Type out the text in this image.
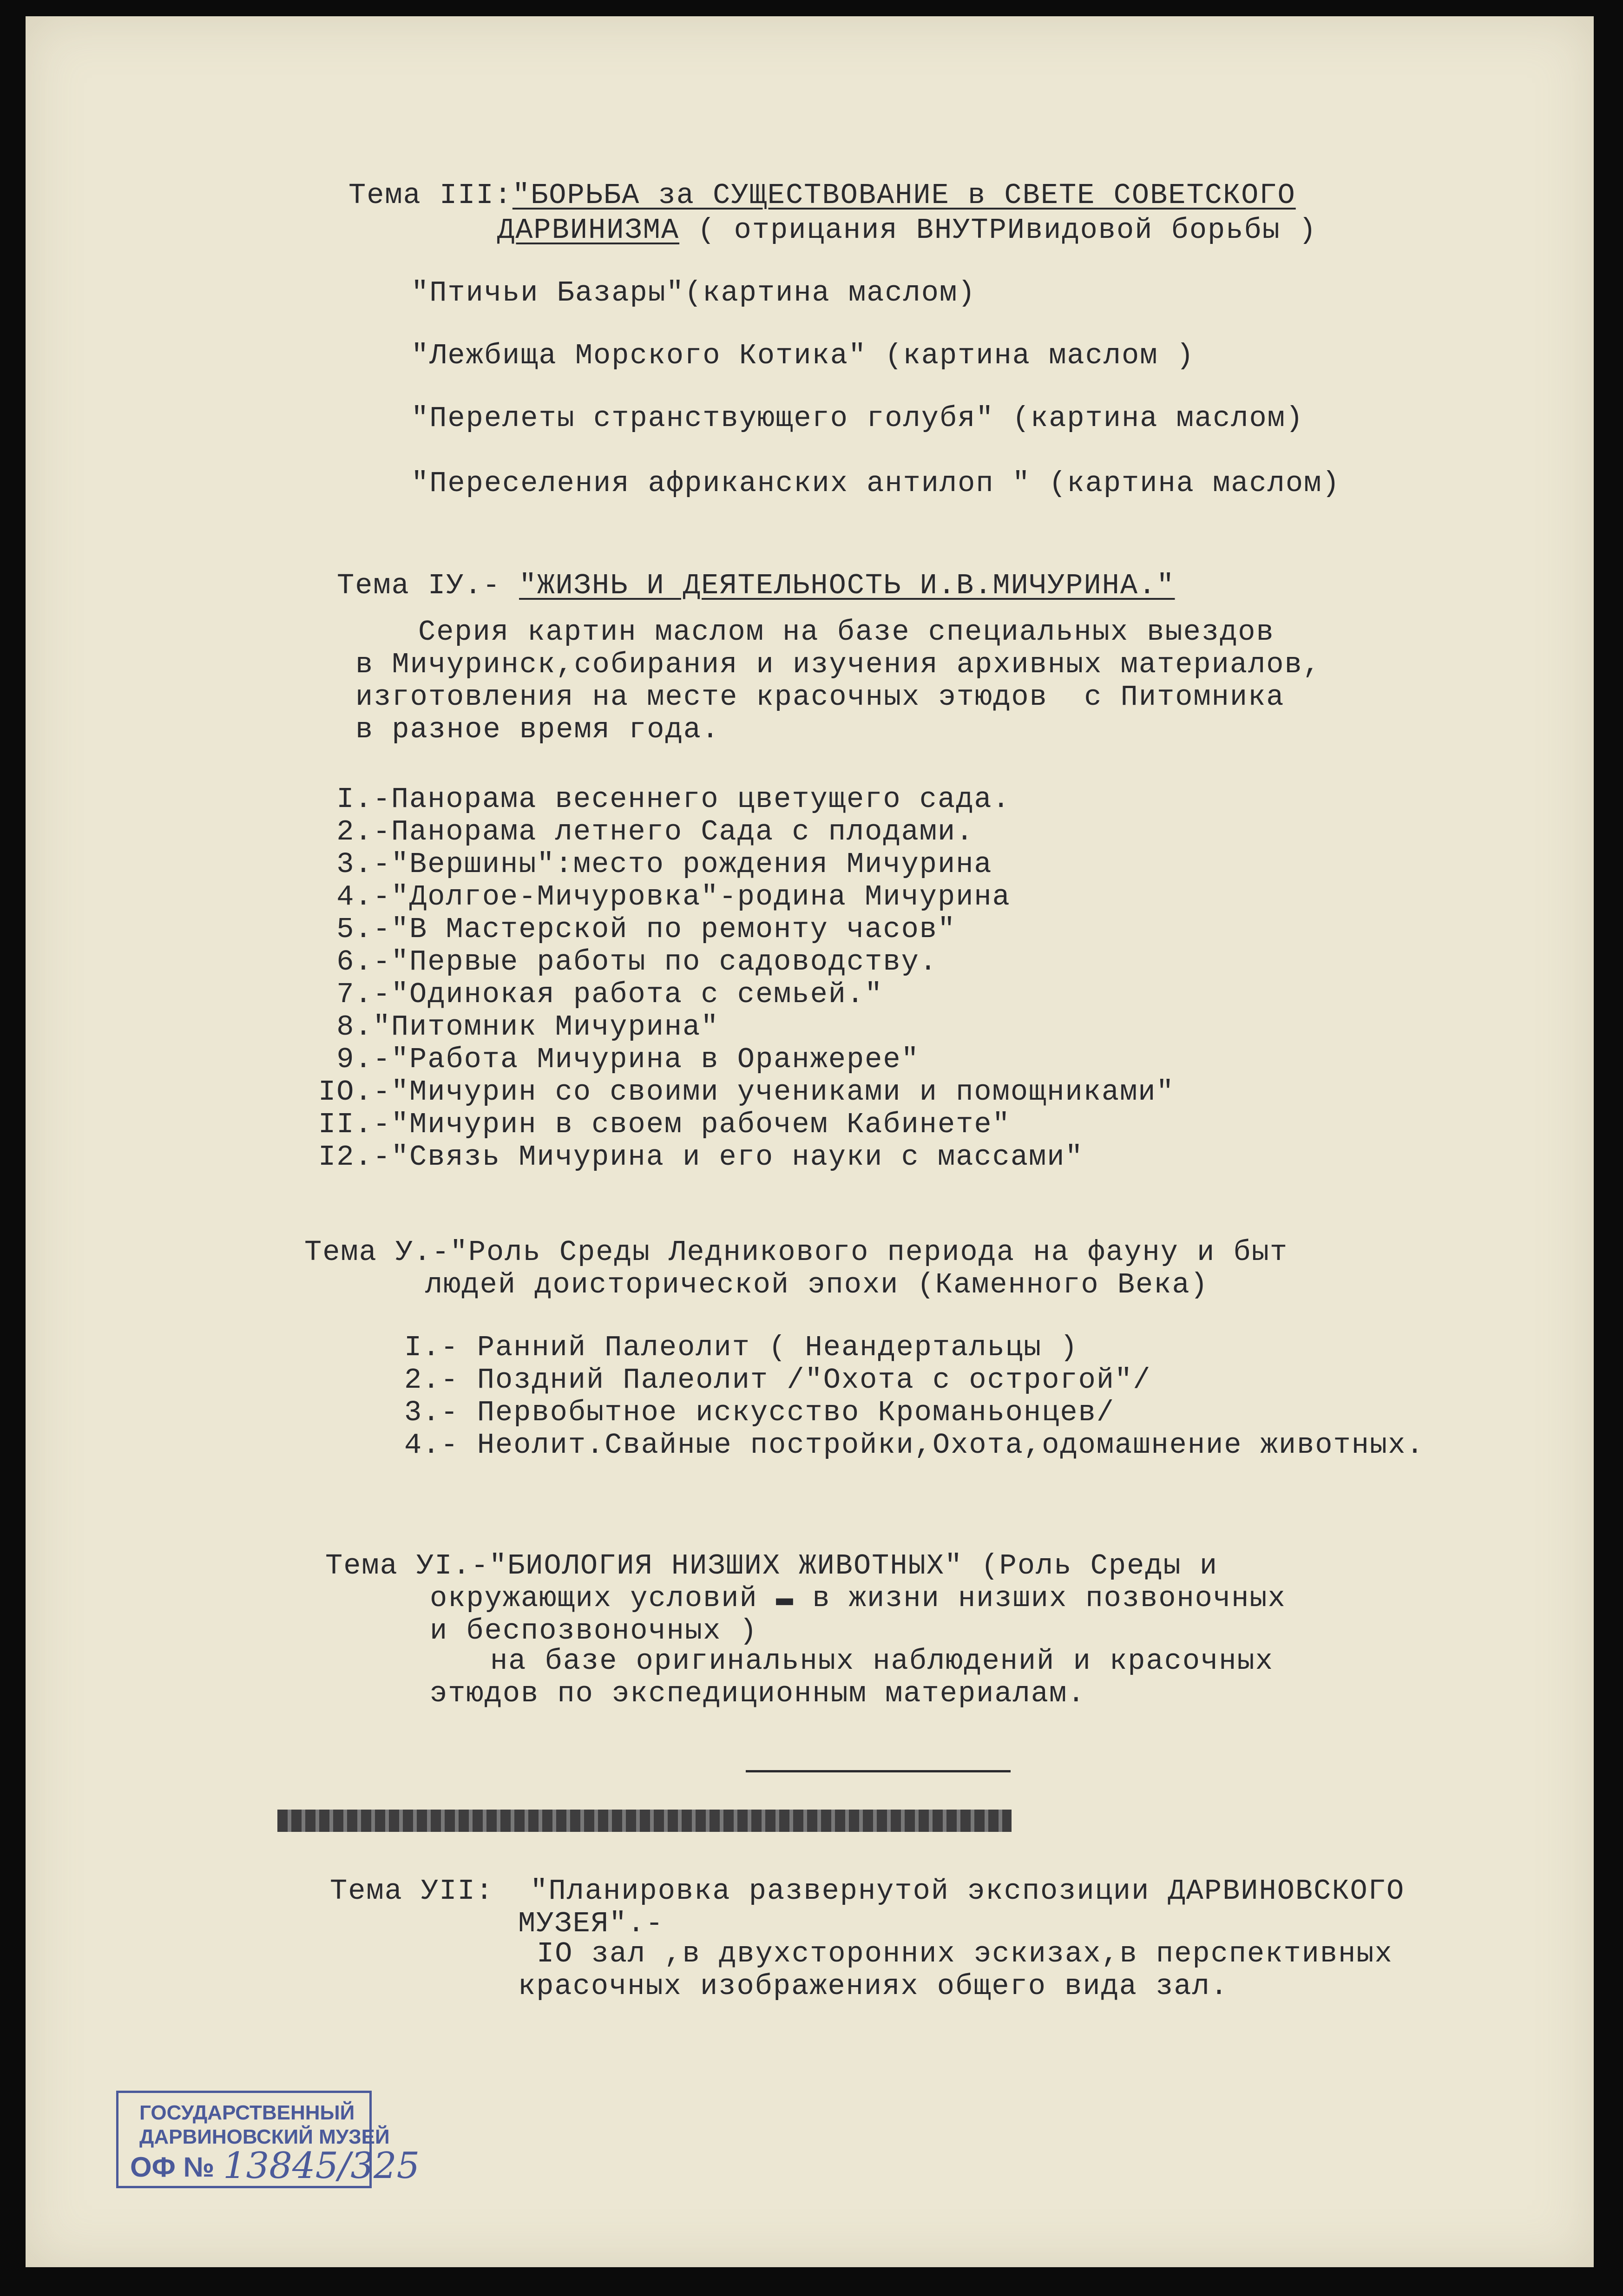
Тема III:"БОРЬБА за СУЩЕСТВОВАНИЕ в СВЕТЕ СОВЕТСКОГО
ДАРВИНИЗМА ( отрицания ВНУТРИвидовой борьбы )
"Птичьи Базары"(картина маслом)
"Лежбища Морского Котика" (картина маслом )
"Перелеты странствующего голубя" (картина маслом)
"Переселения африканских антилоп " (картина маслом)
Тема IУ.- "ЖИЗНЬ И ДЕЯТЕЛЬНОСТЬ И.В.МИЧУРИНА."
Серия картин маслом на базе специальных выездов
в Мичуринск,собирания и изучения архивных материалов,
изготовления на месте красочных этюдов  с Питомника
в разное время года.
I.-Панорама весеннего цветущего сада.
2.-Панорама летнего Сада с плодами.
3.-"Вершины":место рождения Мичурина
4.-"Долгое-Мичуровка"-родина Мичурина
5.-"В Мастерской по ремонту часов"
6.-"Первые работы по садоводству.
7.-"Одинокая работа с семьей."
8."Питомник Мичурина"
9.-"Работа Мичурина в Оранжерее"
IO.-"Мичурин со своими учениками и помощниками"
II.-"Мичурин в своем рабочем Кабинете"
I2.-"Связь Мичурина и его науки с массами"
Тема У.-"Роль Среды Ледникового периода на фауну и быт
людей доисторической эпохи (Каменного Века)
I.- Ранний Палеолит ( Неандертальцы )
2.- Поздний Палеолит /"Охота с острогой"/
3.- Первобытное искусство Кроманьонцев/
4.- Неолит.Свайные постройки,Охота,одомашнение животных.
Тема УI.-"БИОЛОГИЯ НИЗШИХ ЖИВОТНЫХ" (Роль Среды и
окружающих условий ▬ в жизни низших позвоночных
и беспозвоночных )
на базе оригинальных наблюдений и красочных
этюдов по экспедиционным материалам.
Тема УII:  "Планировка развернутой экспозиции ДАРВИНОВСКОГО
МУЗЕЯ".-
IO зал ,в двухсторонних эскизах,в перспективных
красочных изображениях общего вида зал.
ГОСУДАРСТВЕННЫЙ
ДАРВИНОВСКИЙ МУЗЕЙ
ОФ № 13845/325
